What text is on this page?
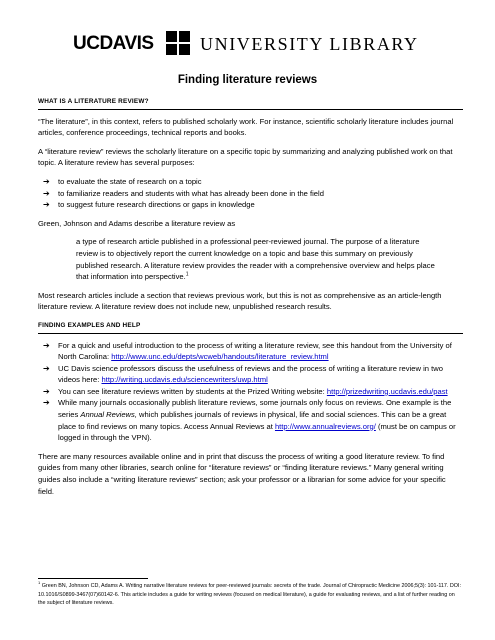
UCDAVIS	UNIVERSITY LIBRARY
Finding literature reviews
WHAT IS A LITERATURE REVIEW?

“The literature”, in this context, refers to published scholarly work. For instance, scientific scholarly literature includes journal articles, conference proceedings, technical reports and books.

A “literature review” reviews the scholarly literature on a specific topic by summarizing and analyzing published work on that topic. A literature review has several purposes:

➔ to evaluate the state of research on a topic
➔ to familiarize readers and students with what has already been done in the field
➔ to suggest future research directions or gaps in knowledge

Green, Johnson and Adams describe a literature review as

a type of research article published in a professional peer-reviewed journal. The purpose of a literature review is to objectively report the current knowledge on a topic and base this summary on previously published research. A literature review provides the reader with a comprehensive overview and helps place that information into perspective.$^1$

Most research articles include a section that reviews previous work, but this is not as comprehensive as an article-length literature review. A literature review does not include new, unpublished research results.

FINDING EXAMPLES AND HELP
➔ For a quick and useful introduction to the process of writing a literature review, see this handout from the University of North Carolina: http://www.unc.edu/depts/wcweb/handouts/literature_review.html
➔ UC Davis science professors discuss the usefulness of reviews and the process of writing a literature review in two videos here: http://writing.ucdavis.edu/sciencewriters/uwp.html
➔ You can see literature reviews written by students at the Prized Writing website: http://prizedwriting.ucdavis.edu/past
➔ While many journals occasionally publish literature reviews, some journals only focus on reviews. One example is the series Annual Reviews, which publishes journals of reviews in physical, life and social sciences. This can be a great place to find reviews on many topics. Access Annual Reviews at http://www.annualreviews.org/ (must be on campus or logged in through the VPN).

There are many resources available online and in print that discuss the process of writing a good literature review. To find guides from many other libraries, search online for “literature reviews” or “finding literature reviews.” Many general writing guides also include a “writing literature reviews” section; ask your professor or a librarian for some advice for your specific field.

$^1$ Green BN, Johnson CD, Adams A. Writing narrative literature reviews for peer-reviewed journals: secrets of the trade. Journal of Chiropractic Medicine 2006;5(3): 101-117. DOI: 10.1016/S0899-3467(07)60142-6. This article includes a guide for writing reviews (focused on medical literature), a guide for evaluating reviews, and a list of further reading on the subject of literature reviews.
